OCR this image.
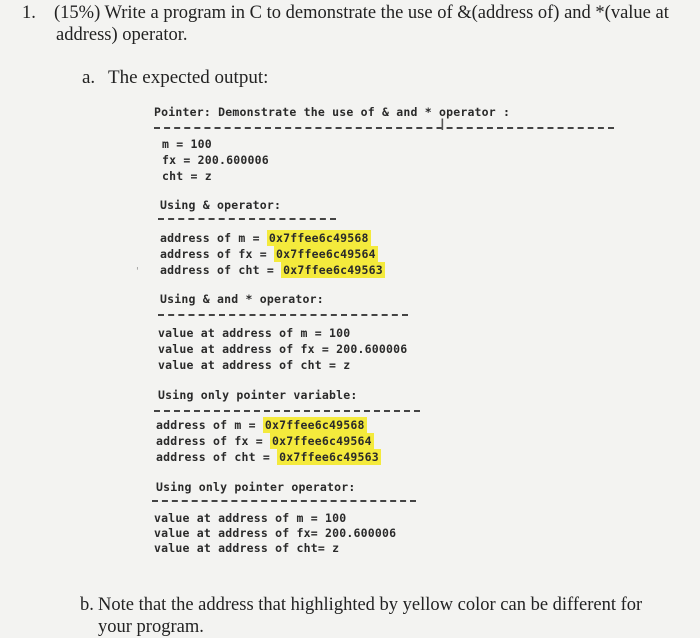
1. (15%) Write a program in C to demonstrate the use of &(address of) and *(value at
address) operator.
a. The expected output:
Pointer: Demonstrate the use of & and * operator :
I
m = 100
fx = 200.600006
cht = z
Using & operator:
address of m = 0x7ffee6c49568
address of fx = 0x7ffee6c49564
address of cht = 0x7ffee6c49563
'
Using & and * operator:
value at address of m = 100
value at address of fx = 200.600006
value at address of cht = z
Using only pointer variable:
address of m = 0x7ffee6c49568
address of fx = 0x7ffee6c49564
address of cht = 0x7ffee6c49563
Using only pointer operator:
value at address of m = 100
value at address of fx= 200.600006
value at address of cht= z
b. Note that the address that highlighted by yellow color can be different for
your program.
